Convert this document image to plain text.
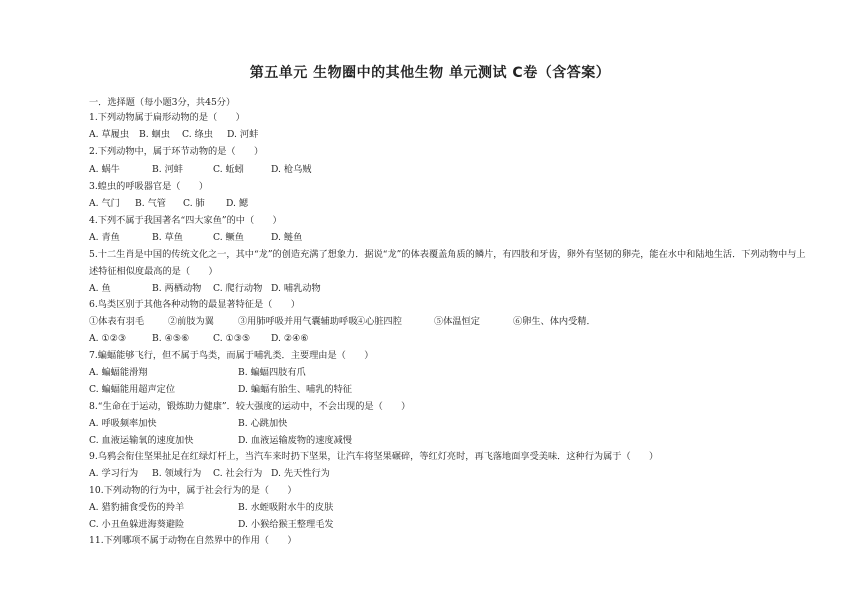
第五单元 生物圈中的其他生物 单元测试 C卷（含答案）
一．选择题（每小题3分，共45分）
1.下列动物属于扁形动物的是（　　）
A. 草履虫 B. 蛔虫 C. 绦虫 D. 河蚌
2.下列动物中，属于环节动物的是（　　）
A. 蜗牛	B. 河蚌	C. 蚯蚓	D. 枪乌贼
3.蝗虫的呼吸器官是（　　）
A. 气门 B. 气管 C. 肺 D. 鳃
4.下列不属于我国著名“四大家鱼”的中（　　）
A. 青鱼	B. 草鱼	C. 鳜鱼	D. 鲢鱼
5.十二生肖是中国的传统文化之一，其中“龙”的创造充满了想象力．据说“龙”的体表覆盖角质的鳞片，有四肢和牙齿，卵外有坚韧的卵壳，能在水中和陆地生活．下列动物中与上
述特征相似度最高的是（　　）
A. 鱼	B. 两栖动物 C. 爬行动物 D. 哺乳动物
6.鸟类区别于其他各种动物的最显著特征是（　　）
①体表有羽毛	②前肢为翼	③用肺呼吸并用气囊辅助呼吸
④心脏四腔	⑤体温恒定	⑥卵生、体内受精．
A. ①②③	B. ④⑤⑥	C. ①③⑤ D. ②④⑥
7.蝙蝠能够飞行，但不属于鸟类，而属于哺乳类．主要理由是（　　）
A. 蝙蝠能滑翔	B. 蝙蝠四肢有爪
C. 蝙蝠能用超声定位	D. 蝙蝠有胎生、哺乳的特征
8.“生命在于运动，锻炼助力健康”．较大强度的运动中，不会出现的是（　　）
A. 呼吸频率加快	B. 心跳加快
C. 血液运输氧的速度加快	D. 血液运输废物的速度减慢
9.乌鸦会衔住坚果扯足在红绿灯杆上，当汽车来时扔下坚果，让汽车将坚果碾碎，等红灯亮时，再飞落地面享受美味．这种行为属于（　　）
A. 学习行为 B. 领域行为 C. 社会行为 D. 先天性行为
10.下列动物的行为中，属于社会行为的是（　　）
A. 猎豹捕食受伤的羚羊	B. 水蛭吸附水牛的皮肤
C. 小丑鱼躲进海葵避险	D. 小猴给猴王整理毛发
11.下列哪项不属于动物在自然界中的作用（　　）
